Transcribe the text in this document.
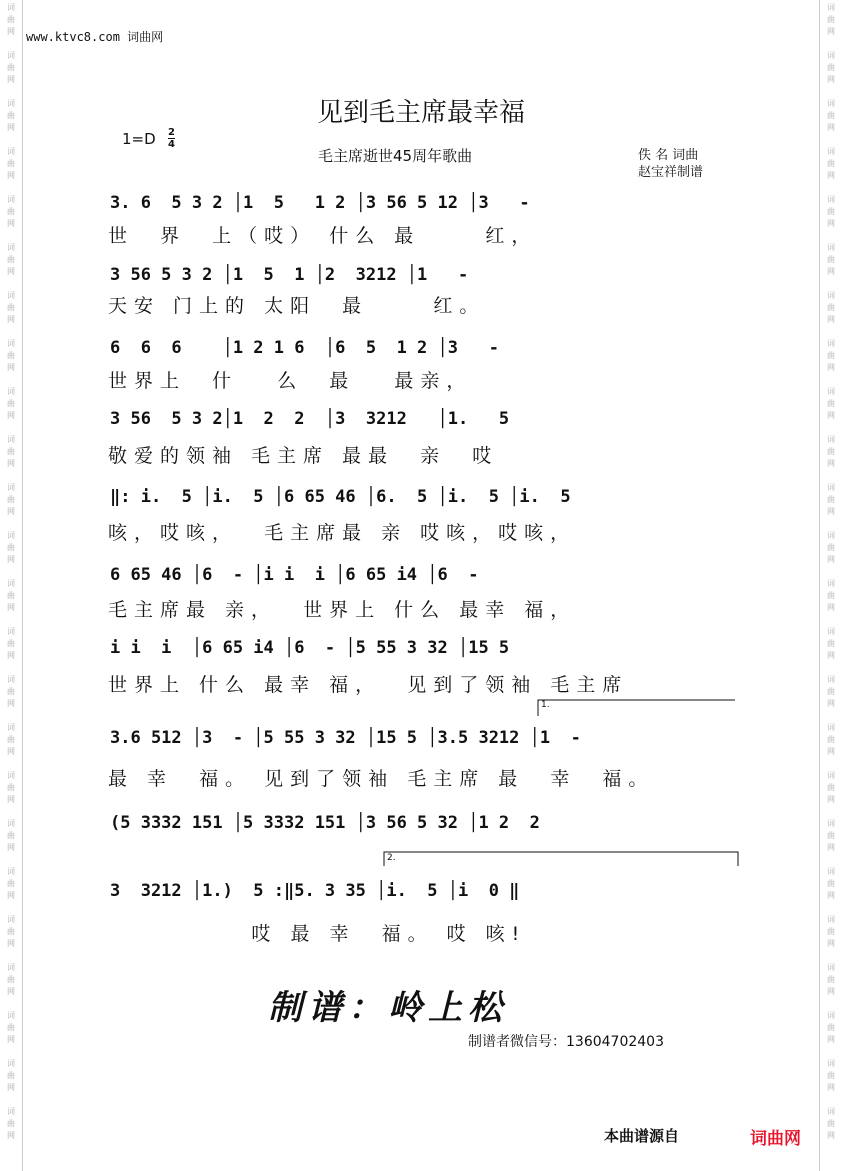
词
曲
网
词
曲
网
词
曲
网
词
曲
网
词
曲
网
词
曲
网
词
曲
网
词
曲
网
词
曲
网
词
曲
网
词
曲
网
词
曲
网
词
曲
网
词
曲
网
词
曲
网
词
曲
网
词
曲
网
词
曲
网
词
曲
网
词
曲
网
词
曲
网
词
曲
网
词
曲
网
词
曲
网
词
曲
网
词
曲
网
词
曲
网
词
曲
网
词
曲
网
词
曲
网
词
曲
网
词
曲
网
词
曲
网
词
曲
网
词
曲
网
词
曲
网
词
曲
网
词
曲
网
词
曲
网
词
曲
网
词
曲
网
词
曲
网
词
曲
网
词
曲
网
词
曲
网
词
曲
网
词
曲
网
词
曲
网
www.ktvc8.com 词曲网
见到毛主席最幸福
1=D 2
4
毛主席逝世45周年歌曲	佚 名 词曲
赵宝祥制谱
3. 6  5 3 2 │1  5   1 2 │3 56 5 12 │3   -
世  界  上（哎） 什么 最     红，
3 56 5 3 2 │1  5  1 │2  3212 │1   -
天安 门上的 太阳  最     红。
6  6  6    │1 2 1 6  │6  5  1 2 │3   -
世界上  什   么  最   最亲，
3 56  5 3 2│1  2  2  │3  3212   │1.   5
敬爱的领袖 毛主席 最最  亲  哎
‖: i.  5 │i.  5 │6 65 46 │6.  5 │i.  5 │i.  5
咳，哎咳，  毛主席最 亲 哎咳，哎咳，
6 65 46 │6  - │i i  i │6 65 i4 │6  -
毛主席最 亲，  世界上 什么 最幸 福，
i i  i  │6 65 i4 │6  - │5 55 3 32 │15 5
世界上 什么 最幸 福，  见到了领袖 毛主席
3.6 512 │3  - │5 55 3 32 │15 5 │3.5 3212 │1  -
最 幸  福。 见到了领袖 毛主席 最  幸  福。
(5 3332 151 │5 3332 151 │3 56 5 32 │1 2  2
3  3212 │1.)  5 :‖5. 3 35 │i.  5 │i  0 ‖
哎 最 幸  福。 哎 咳!
1.
2.
制谱：岭上松
制谱者微信号：13604702403
本曲谱源自	词曲网
